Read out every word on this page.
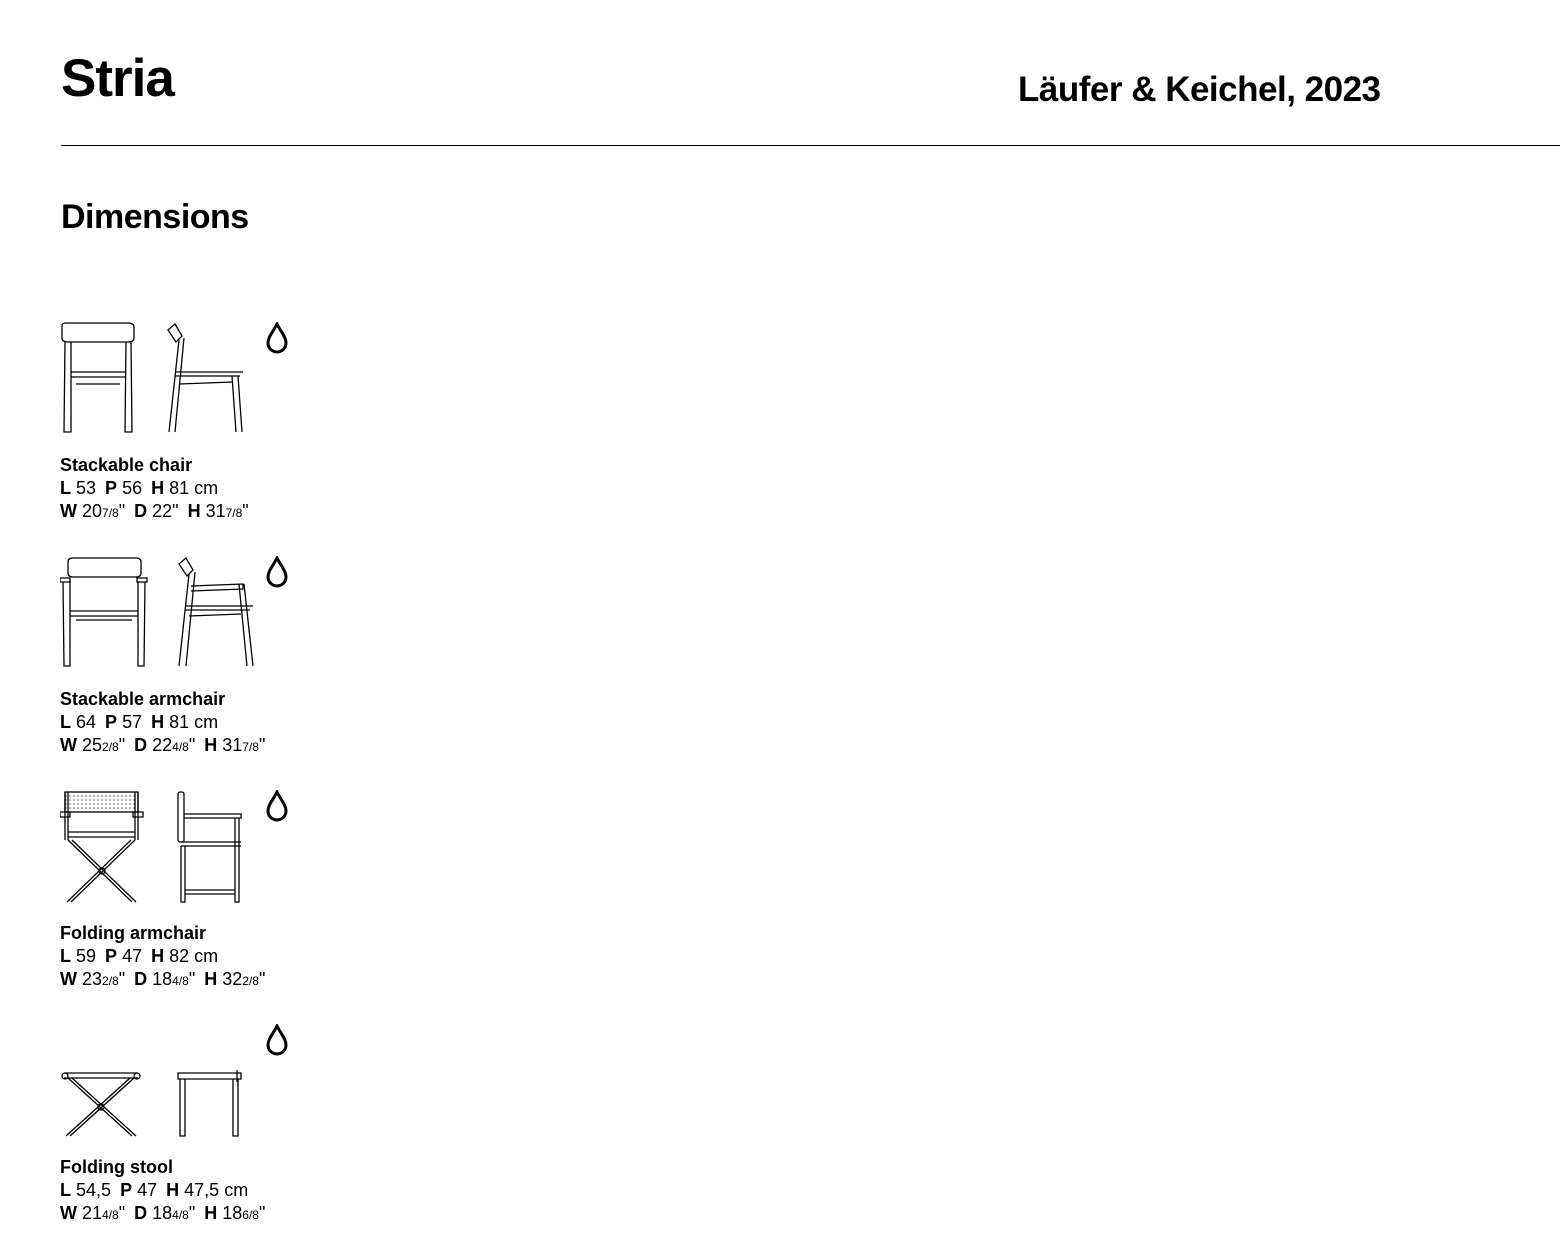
Stria	Läufer & Keichel, 2023
Dimensions
Stackable chair
L 53 P 56 H 81 cm
W 207/8" D 22" H 317/8"
Stackable armchair
L 64 P 57 H 81 cm
W 252/8" D 224/8" H 317/8"
Folding armchair
L 59 P 47 H 82 cm
W 232/8" D 184/8" H 322/8"
Folding stool
L 54,5 P 47 H 47,5 cm
W 214/8" D 184/8" H 186/8"
